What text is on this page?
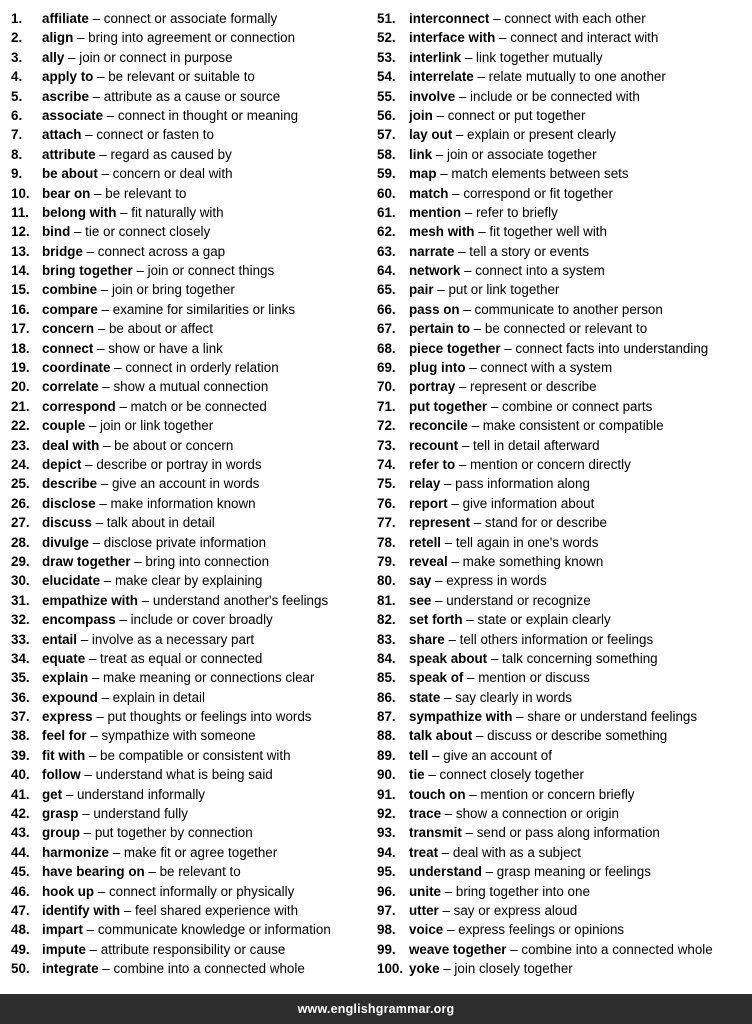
1. affiliate – connect or associate formally
2. align – bring into agreement or connection
3. ally – join or connect in purpose
4. apply to – be relevant or suitable to
5. ascribe – attribute as a cause or source
6. associate – connect in thought or meaning
7. attach – connect or fasten to
8. attribute – regard as caused by
9. be about – concern or deal with
10. bear on – be relevant to
11. belong with – fit naturally with
12. bind – tie or connect closely
13. bridge – connect across a gap
14. bring together – join or connect things
15. combine – join or bring together
16. compare – examine for similarities or links
17. concern – be about or affect
18. connect – show or have a link
19. coordinate – connect in orderly relation
20. correlate – show a mutual connection
21. correspond – match or be connected
22. couple – join or link together
23. deal with – be about or concern
24. depict – describe or portray in words
25. describe – give an account in words
26. disclose – make information known
27. discuss – talk about in detail
28. divulge – disclose private information
29. draw together – bring into connection
30. elucidate – make clear by explaining
31. empathize with – understand another's feelings
32. encompass – include or cover broadly
33. entail – involve as a necessary part
34. equate – treat as equal or connected
35. explain – make meaning or connections clear
36. expound – explain in detail
37. express – put thoughts or feelings into words
38. feel for – sympathize with someone
39. fit with – be compatible or consistent with
40. follow – understand what is being said
41. get – understand informally
42. grasp – understand fully
43. group – put together by connection
44. harmonize – make fit or agree together
45. have bearing on – be relevant to
46. hook up – connect informally or physically
47. identify with – feel shared experience with
48. impart – communicate knowledge or information
49. impute – attribute responsibility or cause
50. integrate – combine into a connected whole
51. interconnect – connect with each other
52. interface with – connect and interact with
53. interlink – link together mutually
54. interrelate – relate mutually to one another
55. involve – include or be connected with
56. join – connect or put together
57. lay out – explain or present clearly
58. link – join or associate together
59. map – match elements between sets
60. match – correspond or fit together
61. mention – refer to briefly
62. mesh with – fit together well with
63. narrate – tell a story or events
64. network – connect into a system
65. pair – put or link together
66. pass on – communicate to another person
67. pertain to – be connected or relevant to
68. piece together – connect facts into understanding
69. plug into – connect with a system
70. portray – represent or describe
71. put together – combine or connect parts
72. reconcile – make consistent or compatible
73. recount – tell in detail afterward
74. refer to – mention or concern directly
75. relay – pass information along
76. report – give information about
77. represent – stand for or describe
78. retell – tell again in one's words
79. reveal – make something known
80. say – express in words
81. see – understand or recognize
82. set forth – state or explain clearly
83. share – tell others information or feelings
84. speak about – talk concerning something
85. speak of – mention or discuss
86. state – say clearly in words
87. sympathize with – share or understand feelings
88. talk about – discuss or describe something
89. tell – give an account of
90. tie – connect closely together
91. touch on – mention or concern briefly
92. trace – show a connection or origin
93. transmit – send or pass along information
94. treat – deal with as a subject
95. understand – grasp meaning or feelings
96. unite – bring together into one
97. utter – say or express aloud
98. voice – express feelings or opinions
99. weave together – combine into a connected whole
100. yoke – join closely together
www.englishgrammar.org
